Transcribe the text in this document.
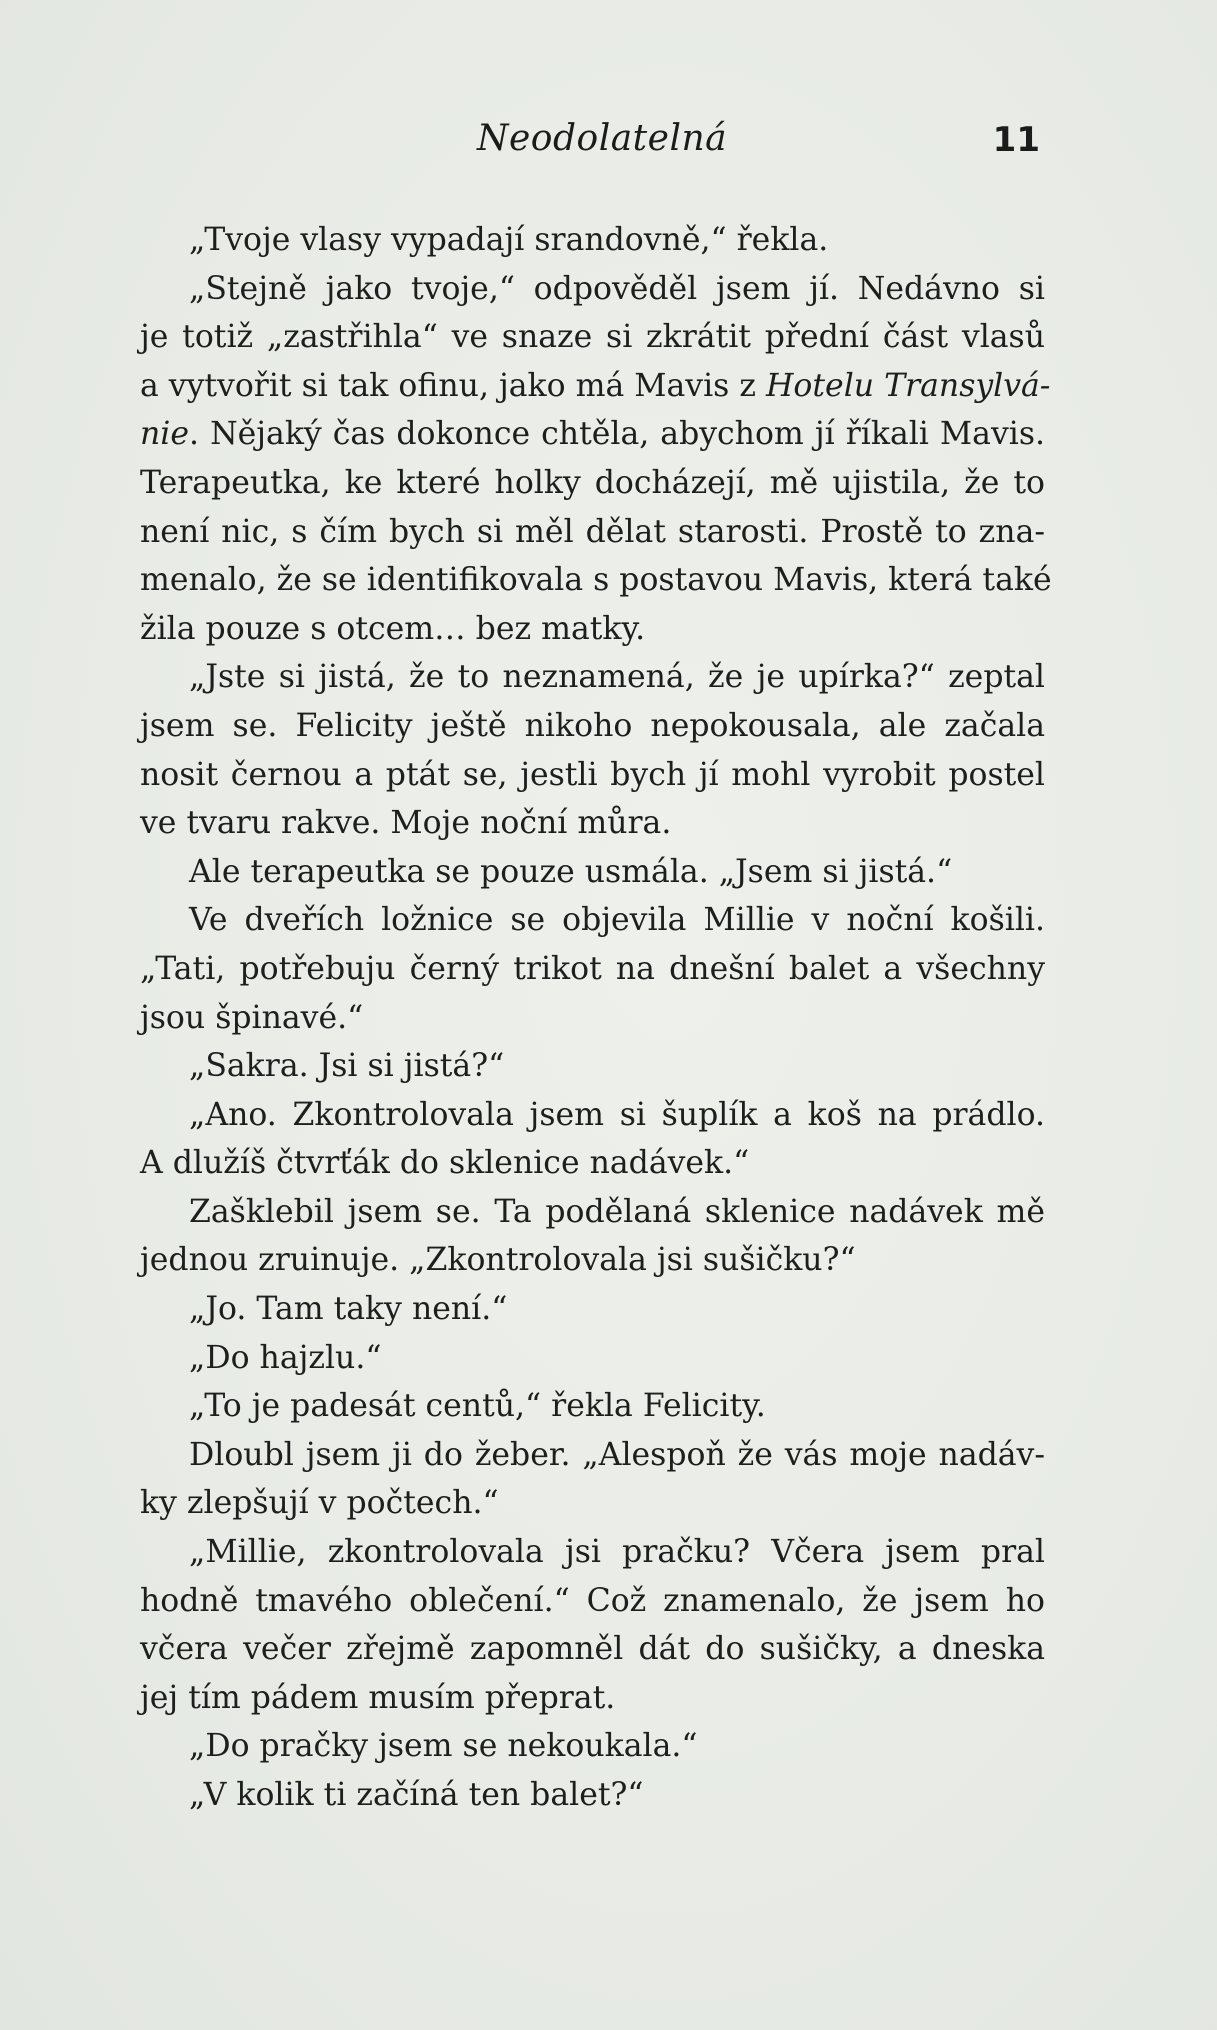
Neodolatelná	11
„Tvoje vlasy vypadají srandovně,“ řekla.
„Stejně jako tvoje,“ odpověděl jsem jí. Nedávno si
je totiž „zastřihla“ ve snaze si zkrátit přední část vlasů
a vytvořit si tak ofinu, jako má Mavis z Hotelu Transylvá-
nie. Nějaký čas dokonce chtěla, abychom jí říkali Mavis.
Terapeutka, ke které holky docházejí, mě ujistila, že to
není nic, s čím bych si měl dělat starosti. Prostě to zna-
menalo, že se identifikovala s postavou Mavis, která také
žila pouze s otcem… bez matky.
„Jste si jistá, že to neznamená, že je upírka?“ zeptal
jsem se. Felicity ještě nikoho nepokousala, ale začala
nosit černou a ptát se, jestli bych jí mohl vyrobit postel
ve tvaru rakve. Moje noční můra.
Ale terapeutka se pouze usmála. „Jsem si jistá.“
Ve dveřích ložnice se objevila Millie v noční košili.
„Tati, potřebuju černý trikot na dnešní balet a všechny
jsou špinavé.“
„Sakra. Jsi si jistá?“
„Ano. Zkontrolovala jsem si šuplík a koš na prádlo.
A dlužíš čtvrťák do sklenice nadávek.“
Zašklebil jsem se. Ta podělaná sklenice nadávek mě
jednou zruinuje. „Zkontrolovala jsi sušičku?“
„Jo. Tam taky není.“
„Do hajzlu.“
„To je padesát centů,“ řekla Felicity.
Dloubl jsem ji do žeber. „Alespoň že vás moje nadáv-
ky zlepšují v počtech.“
„Millie, zkontrolovala jsi pračku? Včera jsem pral
hodně tmavého oblečení.“ Což znamenalo, že jsem ho
včera večer zřejmě zapomněl dát do sušičky, a dneska
jej tím pádem musím přeprat.
„Do pračky jsem se nekoukala.“
„V kolik ti začíná ten balet?“
